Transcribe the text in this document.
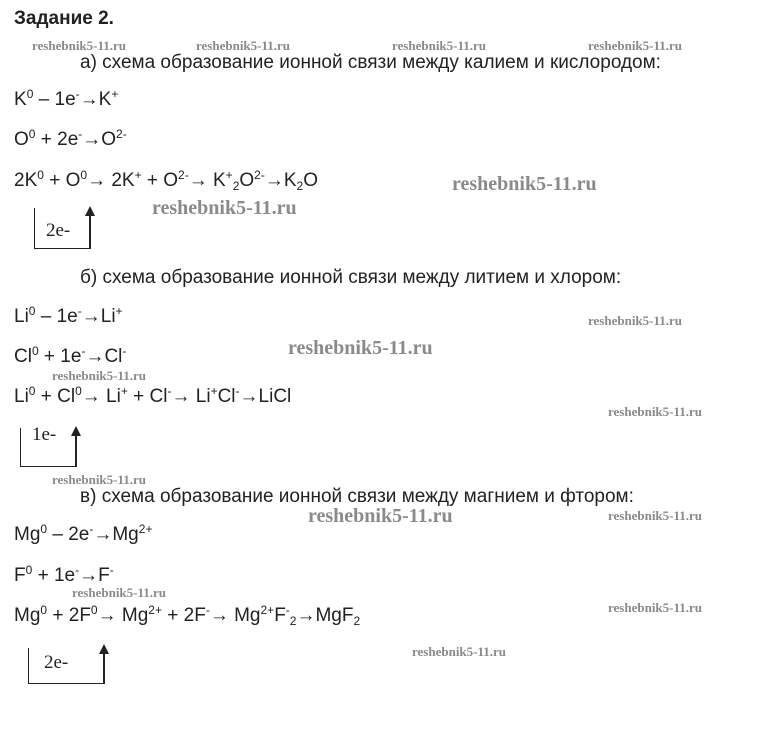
Задание 2.
reshebnik5-11.ru	reshebnik5-11.ru	reshebnik5-11.ru	reshebnik5-11.ru
reshebnik5-11.ru
reshebnik5-11.ru
reshebnik5-11.ru
reshebnik5-11.ru
reshebnik5-11.ru
reshebnik5-11.ru
reshebnik5-11.ru
reshebnik5-11.ru
reshebnik5-11.ru
reshebnik5-11.ru
reshebnik5-11.ru
reshebnik5-11.ru
а) схема образование ионной связи между калием и кислородом:
$K^0 - 1e^-\to K^+$
$O^0 + 2e^-\to O^{2-}$
$2K^0 + O^0\to 2K^+ + O^{2-}\to K^+_2O^{2-}\to K_2O$
2e-
б) схема образование ионной связи между литием и хлором:
Li$^0$ – 1e-→Li+
$Cl^0 + 1e^-\to Cl^-$
$Li^0 + Cl^0\to Li^+ + Cl^-\to$ Li+Cl-→LiCl
1e-
в) схема образование ионной связи между магнием и фтором:
$Mg^0 - 2e^-\to Mg^{2+}$
$F^0 + 1e^-\to F^-$
$Mg^0 + 2F^0\to Mg^{2+} + 2F^-\to Mg^{2+}F^-_2\to MgF_2$
2e-
